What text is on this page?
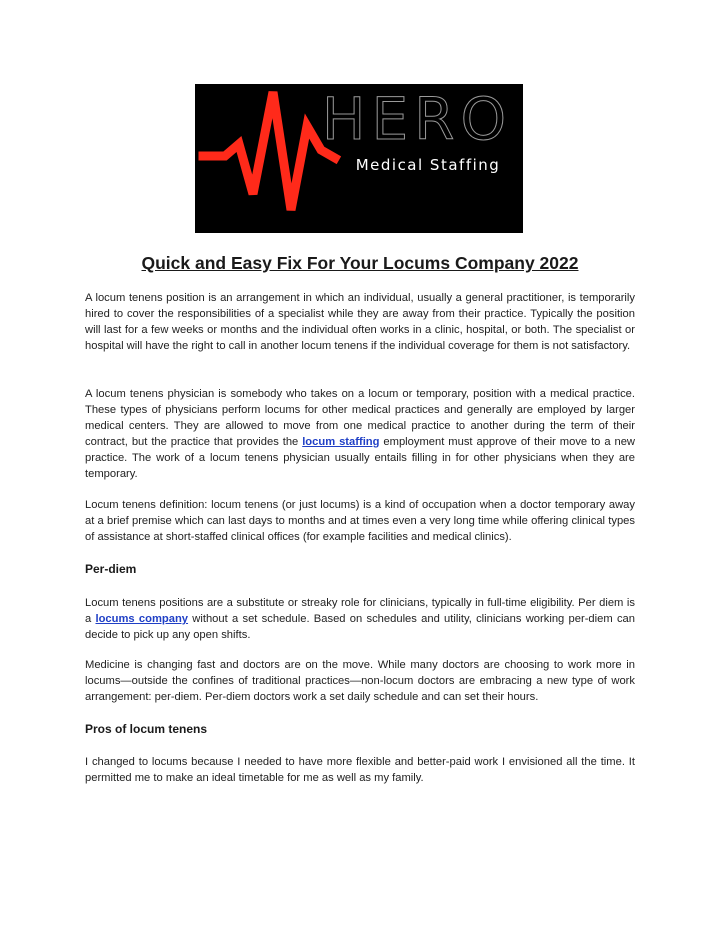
HERO
Medical Staffing
Quick and Easy Fix For Your Locums Company 2022

A locum tenens position is an arrangement in which an individual, usually a general practitioner, is temporarily hired to cover the responsibilities of a specialist while they are away from their practice. Typically the position will last for a few weeks or months and the individual often works in a clinic, hospital, or both. The specialist or hospital will have the right to call in another locum tenens if the individual coverage for them is not satisfactory.

A locum tenens physician is somebody who takes on a locum or temporary, position with a medical practice. These types of physicians perform locums for other medical practices and generally are employed by larger medical centers. They are allowed to move from one medical practice to another during the term of their contract, but the practice that provides the locum staffing employment must approve of their move to a new practice. The work of a locum tenens physician usually entails filling in for other physicians when they are temporary.

Locum tenens definition: locum tenens (or just locums) is a kind of occupation when a doctor temporary away at a brief premise which can last days to months and at times even a very long time while offering clinical types of assistance at short-staffed clinical offices (for example facilities and medical clinics).

Per-diem

Locum tenens positions are a substitute or streaky role for clinicians, typically in full-time eligibility. Per diem is a locums company without a set schedule. Based on schedules and utility, clinicians working per-diem can decide to pick up any open shifts.

Medicine is changing fast and doctors are on the move. While many doctors are choosing to work more in locums—outside the confines of traditional practices—non-locum doctors are embracing a new type of work arrangement: per-diem. Per-diem doctors work a set daily schedule and can set their hours.

Pros of locum tenens

I changed to locums because I needed to have more flexible and better-paid work I envisioned all the time. It permitted me to make an ideal timetable for me as well as my family.
